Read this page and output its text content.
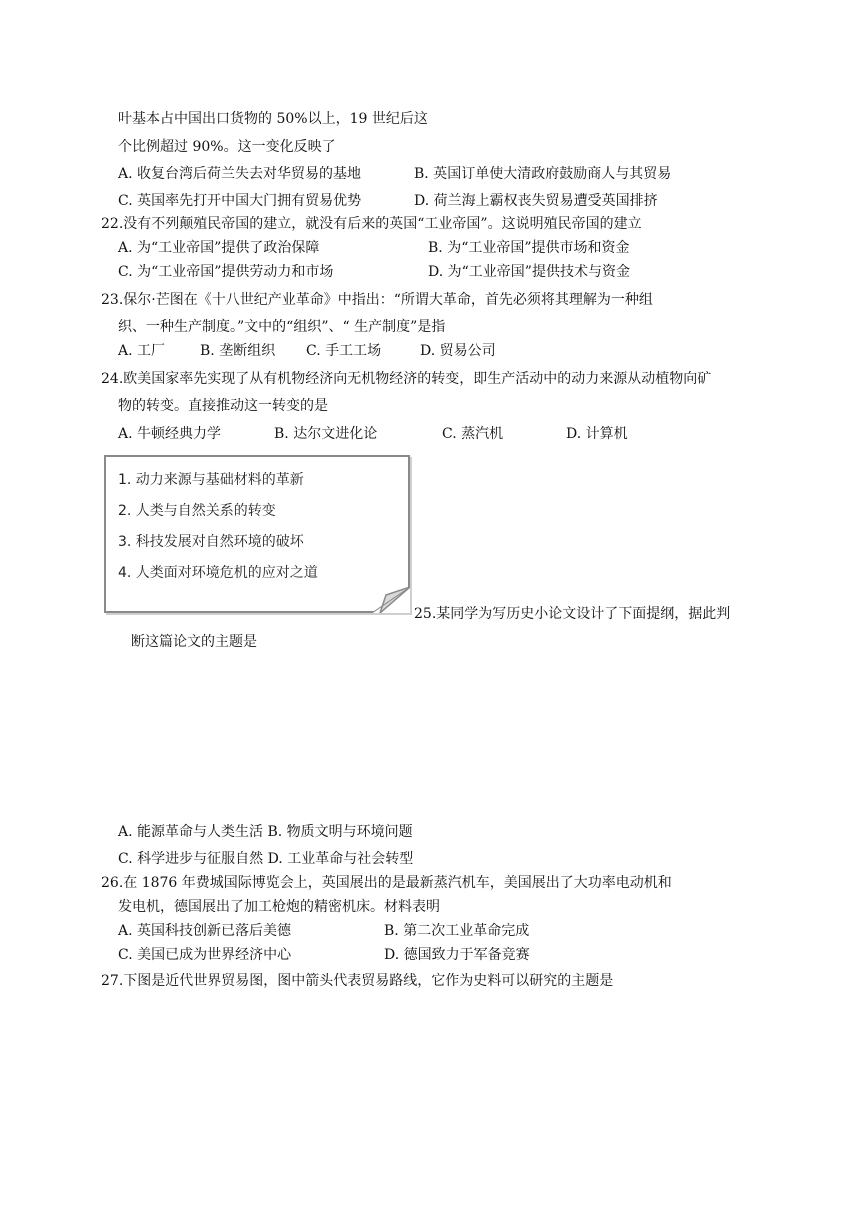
叶基本占中国出口货物的 50%以上，19 世纪后这
个比例超过 90%。这一变化反映了
A. 收复台湾后荷兰失去对华贸易的基地	B. 英国订单使大清政府鼓励商人与其贸易
C. 英国率先打开中国大门拥有贸易优势	D. 荷兰海上霸权丧失贸易遭受英国排挤
22.没有不列颠殖民帝国的建立，就没有后来的英国“工业帝国”。这说明殖民帝国的建立
A. 为“工业帝国”提供了政治保障	B. 为“工业帝国”提供市场和资金
C. 为“工业帝国”提供劳动力和市场	D. 为“工业帝国”提供技术与资金
23.保尔·芒图在《十八世纪产业革命》中指出：“所谓大革命，首先必须将其理解为一种组
织、一种生产制度。”文中的“组织”、“ 生产制度”是指
A. 工厂 B. 垄断组织 C. 手工工场	D. 贸易公司
24.欧美国家率先实现了从有机物经济向无机物经济的转变，即生产活动中的动力来源从动植物向矿
物的转变。直接推动这一转变的是
A. 牛顿经典力学	B. 达尔文进化论	C. 蒸汽机	D. 计算机
1. 动力来源与基础材料的革新
2. 人类与自然关系的转变
3. 科技发展对自然环境的破坏
4. 人类面对环境危机的应对之道
25.某同学为写历史小论文设计了下面提纲，据此判
断这篇论文的主题是
A. 能源革命与人类生活 B. 物质文明与环境问题
C. 科学进步与征服自然 D. 工业革命与社会转型
26.在 1876 年费城国际博览会上，英国展出的是最新蒸汽机车，美国展出了大功率电动机和
发电机，德国展出了加工枪炮的精密机床。材料表明
A. 英国科技创新已落后美德	B. 第二次工业革命完成
C. 美国已成为世界经济中心	D. 德国致力于军备竞赛
27.下图是近代世界贸易图，图中箭头代表贸易路线，它作为史料可以研究的主题是
